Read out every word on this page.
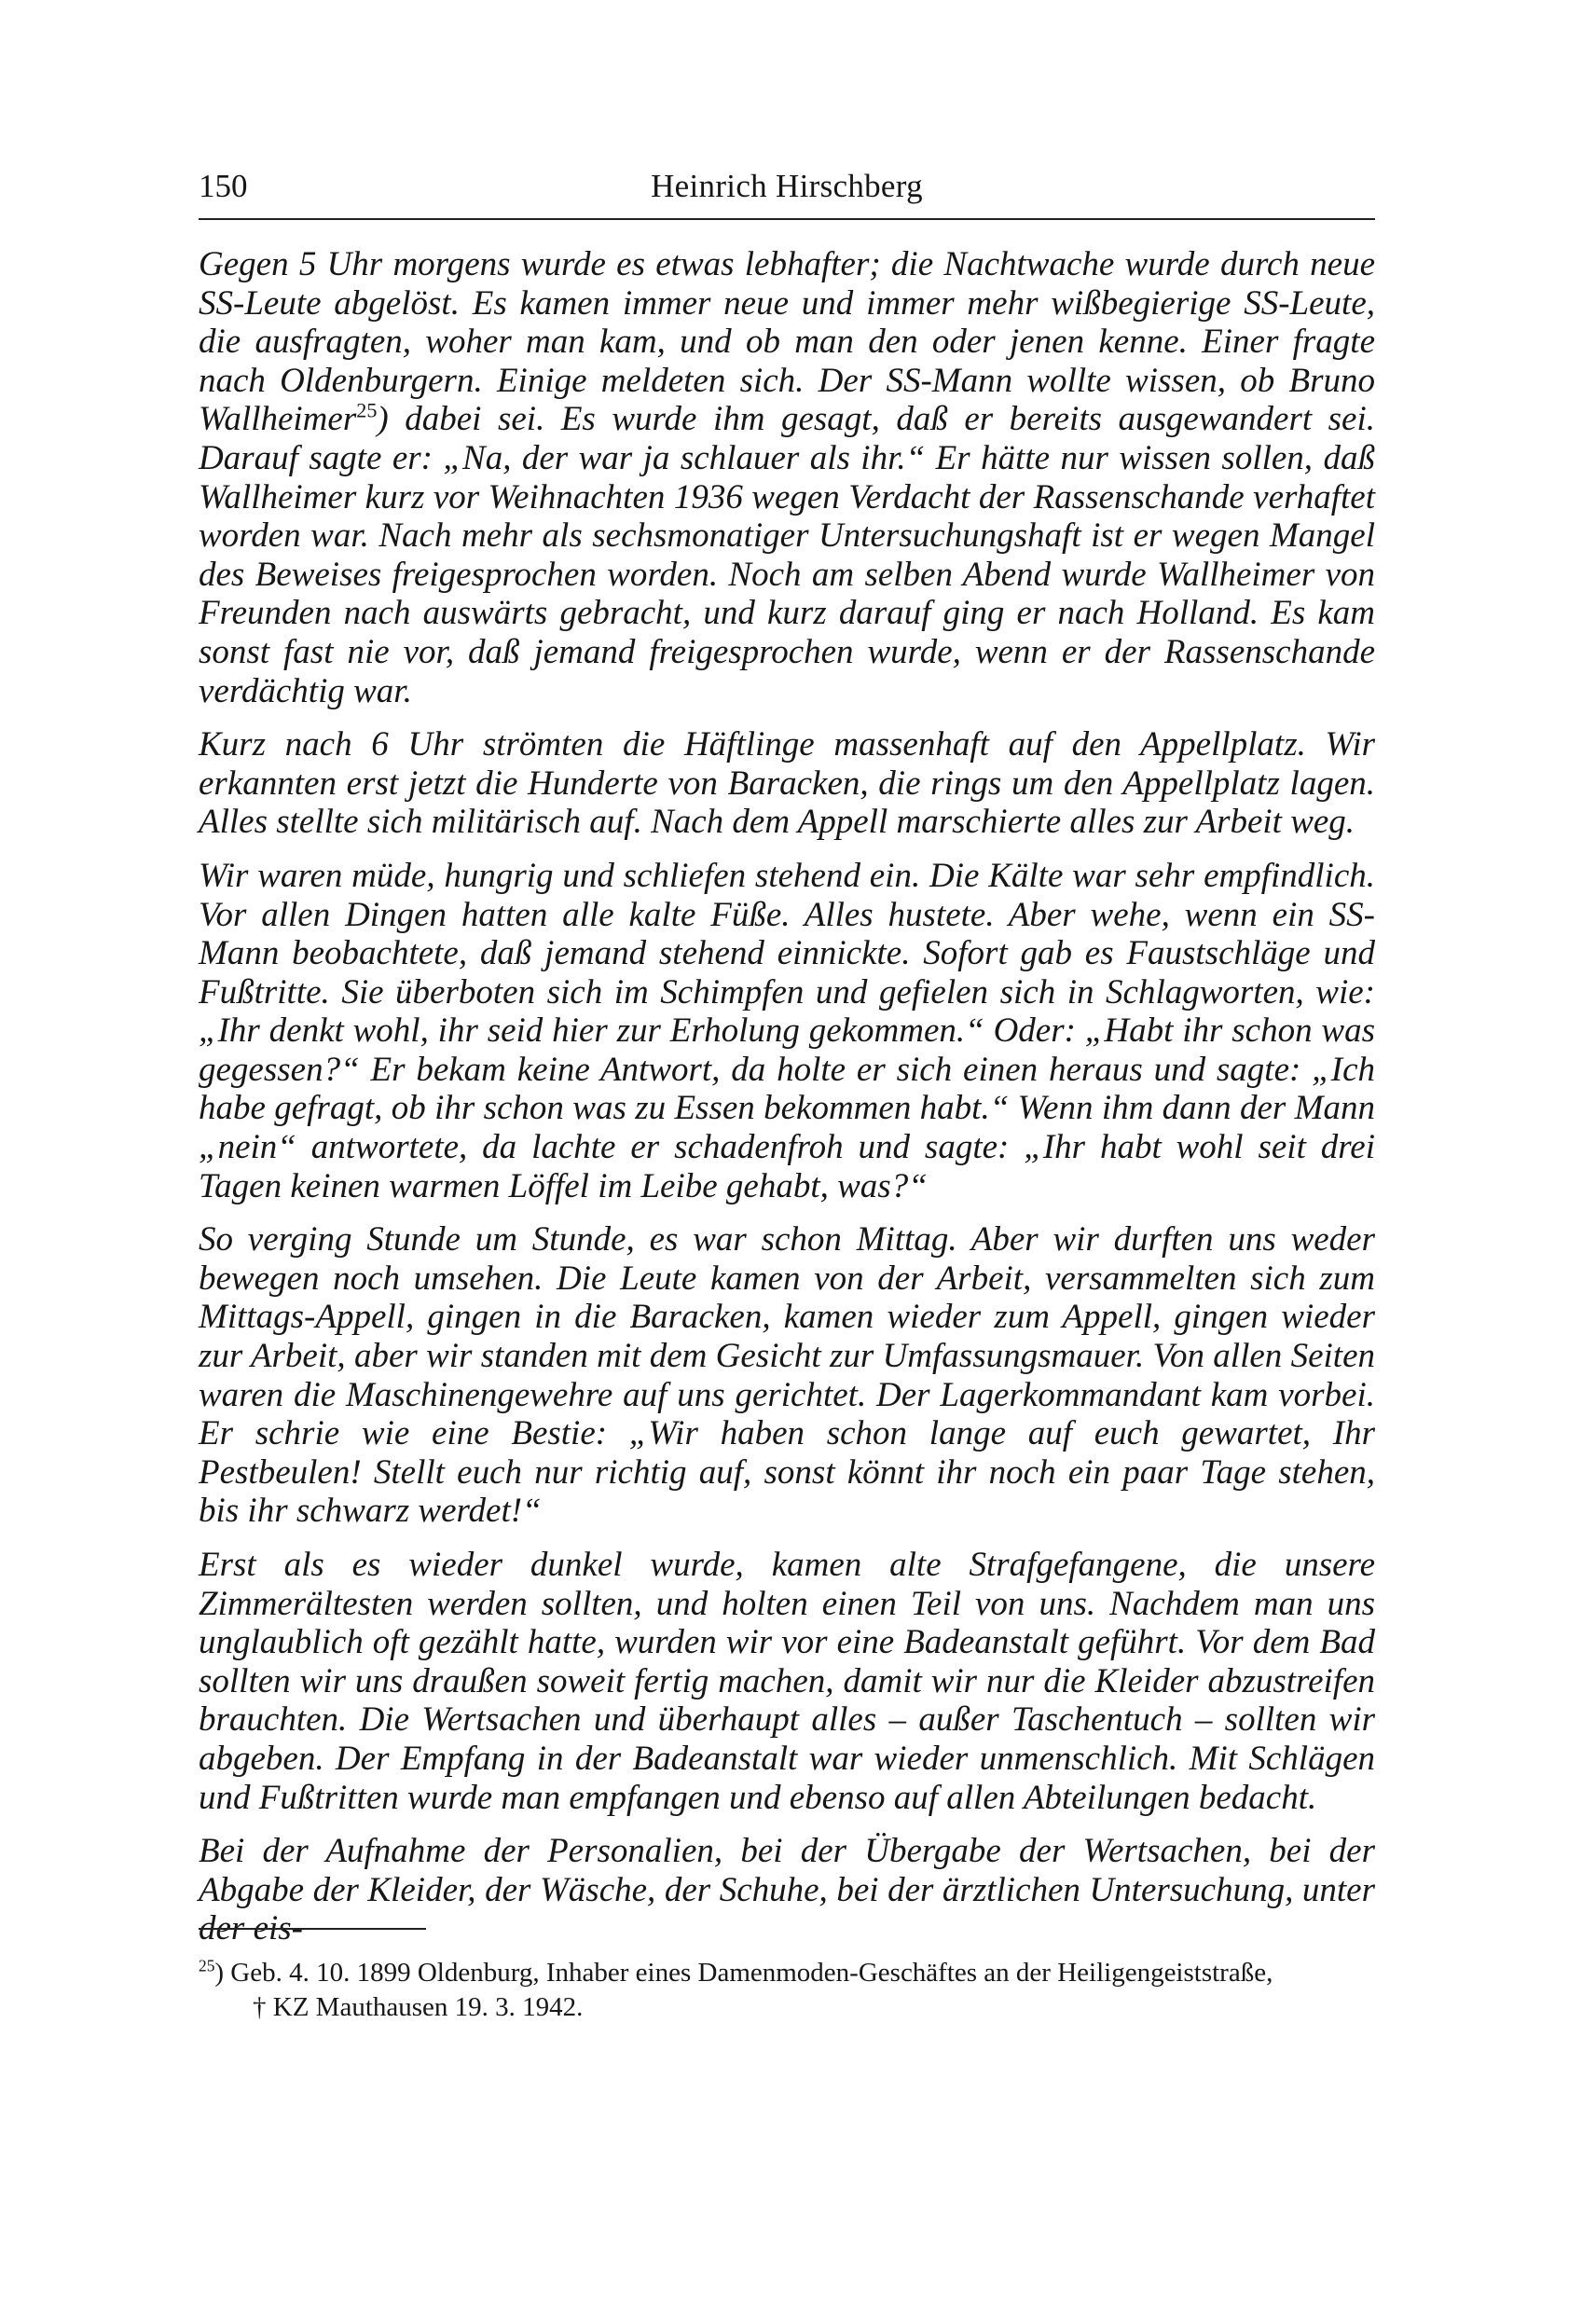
150	Heinrich Hirschberg

Gegen 5 Uhr morgens wurde es etwas lebhafter; die Nachtwache wurde durch neue SS-Leute abgelöst. Es kamen immer neue und immer mehr wißbegierige SS-Leute, die ausfragten, woher man kam, und ob man den oder jenen kenne. Einer fragte nach Oldenburgern. Einige meldeten sich. Der SS-Mann wollte wissen, ob Bruno Wallheimer$^{25}$) dabei sei. Es wurde ihm gesagt, daß er bereits ausgewandert sei. Darauf sagte er: „Na, der war ja schlauer als ihr.“ Er hätte nur wissen sollen, daß Wallheimer kurz vor Weihnachten 1936 wegen Verdacht der Rassenschande verhaftet worden war. Nach mehr als sechsmonatiger Untersuchungshaft ist er wegen Mangel des Beweises freigesprochen worden. Noch am selben Abend wurde Wallheimer von Freunden nach auswärts gebracht, und kurz darauf ging er nach Holland. Es kam sonst fast nie vor, daß jemand freigesprochen wurde, wenn er der Rassenschande verdächtig war.

Kurz nach 6 Uhr strömten die Häftlinge massenhaft auf den Appellplatz. Wir erkannten erst jetzt die Hunderte von Baracken, die rings um den Appellplatz lagen. Alles stellte sich militärisch auf. Nach dem Appell marschierte alles zur Arbeit weg.

Wir waren müde, hungrig und schliefen stehend ein. Die Kälte war sehr empfindlich. Vor allen Dingen hatten alle kalte Füße. Alles hustete. Aber wehe, wenn ein SS-Mann beobachtete, daß jemand stehend einnickte. Sofort gab es Faustschläge und Fußtritte. Sie überboten sich im Schimpfen und gefielen sich in Schlagworten, wie: „Ihr denkt wohl, ihr seid hier zur Erholung gekommen.“ Oder: „Habt ihr schon was gegessen?“ Er bekam keine Antwort, da holte er sich einen heraus und sagte: „Ich habe gefragt, ob ihr schon was zu Essen bekommen habt.“ Wenn ihm dann der Mann „nein“ antwortete, da lachte er schadenfroh und sagte: „Ihr habt wohl seit drei Tagen keinen warmen Löffel im Leibe gehabt, was?“

So verging Stunde um Stunde, es war schon Mittag. Aber wir durften uns weder bewegen noch umsehen. Die Leute kamen von der Arbeit, versammelten sich zum Mittags-Appell, gingen in die Baracken, kamen wieder zum Appell, gingen wieder zur Arbeit, aber wir standen mit dem Gesicht zur Umfassungsmauer. Von allen Seiten waren die Maschinengewehre auf uns gerichtet. Der Lagerkommandant kam vorbei. Er schrie wie eine Bestie: „Wir haben schon lange auf euch gewartet, Ihr Pestbeulen! Stellt euch nur richtig auf, sonst könnt ihr noch ein paar Tage stehen, bis ihr schwarz werdet!“

Erst als es wieder dunkel wurde, kamen alte Strafgefangene, die unsere Zimmerältesten werden sollten, und holten einen Teil von uns. Nachdem man uns unglaublich oft gezählt hatte, wurden wir vor eine Badeanstalt geführt. Vor dem Bad sollten wir uns draußen soweit fertig machen, damit wir nur die Kleider abzustreifen brauchten. Die Wertsachen und überhaupt alles – außer Taschentuch – sollten wir abgeben. Der Empfang in der Badeanstalt war wieder unmenschlich. Mit Schlägen und Fußtritten wurde man empfangen und ebenso auf allen Abteilungen bedacht.

Bei der Aufnahme der Personalien, bei der Übergabe der Wertsachen, bei der Abgabe der Kleider, der Wäsche, der Schuhe, bei der ärztlichen Untersuchung, unter der eis-

$^{25}$) Geb. 4. 10. 1899 Oldenburg, Inhaber eines Damenmoden-Geschäftes an der Heiligengeiststraße,
† KZ Mauthausen 19. 3. 1942.
